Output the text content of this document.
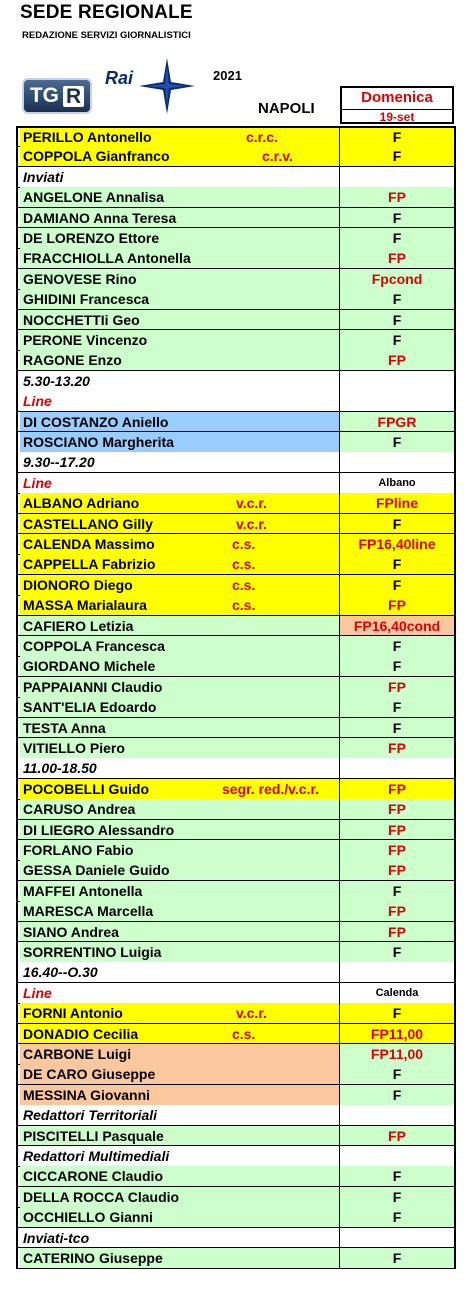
SEDE REGIONALE
REDAZIONE SERVIZI GIORNALISTICI
TG R
Rai	2021
NAPOLI
Domenica
19-set
PERILLO Antonello	c.r.c.	F
COPPOLA Gianfranco	c.r.v.	F
Inviati
ANGELONE Annalisa	FP
DAMIANO Anna Teresa	F
DE LORENZO Ettore	F
FRACCHIOLLA Antonella	FP
GENOVESE Rino	Fpcond
GHIDINI Francesca	F
NOCCHETTIi Geo	F
PERONE Vincenzo	F
RAGONE Enzo	FP
5.30-13.20
Line
DI COSTANZO Aniello	FPGR
ROSCIANO Margherita	F
9.30--17.20
Line	Albano
ALBANO Adriano	v.c.r.	FPline
CASTELLANO Gilly	v.c.r.	F
CALENDA Massimo	c.s.	FP16,40line
CAPPELLA Fabrizio	c.s.	F
DIONORO Diego	c.s.	F
MASSA Marialaura	c.s.	FP
CAFIERO Letizia	FP16,40cond
COPPOLA Francesca	F
GIORDANO Michele	F
PAPPAIANNI Claudio	FP
SANT'ELIA Edoardo	F
TESTA Anna	F
VITIELLO Piero	FP
11.00-18.50
POCOBELLI Guido	segr. red./v.c.r.	FP
CARUSO Andrea	FP
DI LIEGRO Alessandro	FP
FORLANO Fabio	FP
GESSA Daniele Guido	FP
MAFFEI Antonella	F
MARESCA Marcella	FP
SIANO Andrea	FP
SORRENTINO Luigia	F
16.40--O.30
Line	Calenda
FORNI Antonio	v.c.r.	F
DONADIO Cecilia	c.s.	FP11,00
CARBONE Luigi	FP11,00
DE CARO Giuseppe	F
MESSINA Giovanni	F
Redattori Territoriali
PISCITELLI Pasquale	FP
Redattori Multimediali
CICCARONE Claudio	F
DELLA ROCCA Claudio	F
OCCHIELLO Gianni	F
Inviati-tco
CATERINO Giuseppe	F
